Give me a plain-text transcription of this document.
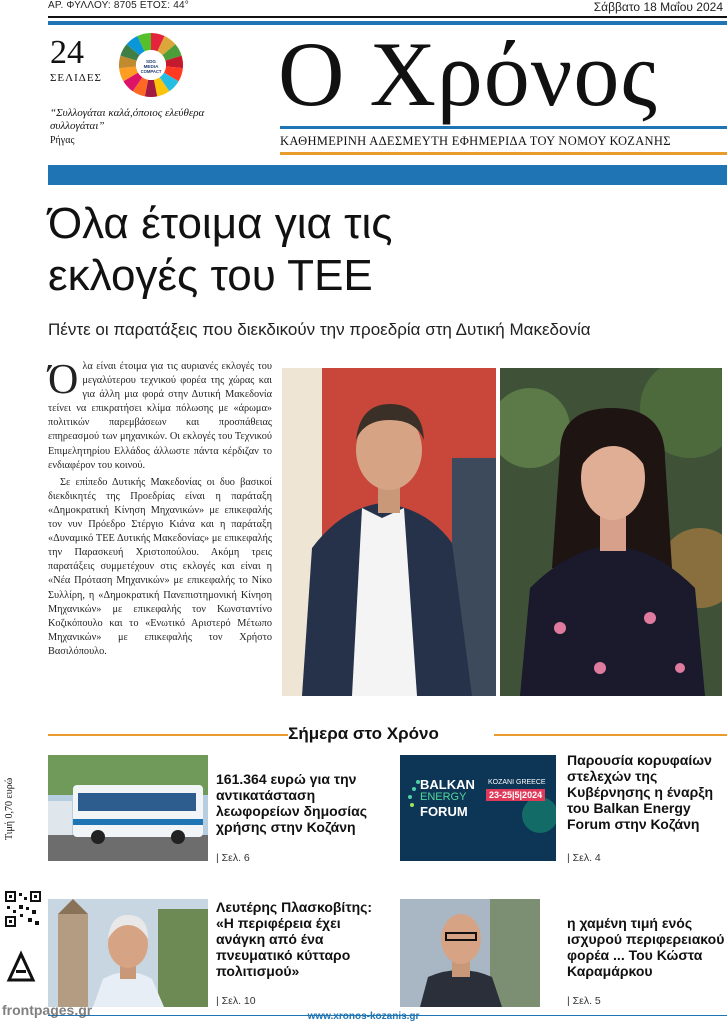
ΑΡ. ΦΥΛΛΟΥ: 8705 ΕΤΟΣ: 44°	Σάββατο 18 Μαΐου 2024
24
ΣΕΛΙΔΕΣ
SDG
MEDIA
COMPACT
“Συλλογάται καλά,όποιος ελεύθερα συλλογάται”
Ρήγας
Ο Χρόνος
ΚΑΘΗΜΕΡΙΝΗ ΑΔΕΣΜΕΥΤΗ ΕΦΗΜΕΡΙΔΑ ΤΟΥ ΝΟΜΟΥ ΚΟΖΑΝΗΣ
Όλα έτοιμα για τις
εκλογές του ΤΕΕ
Πέντε οι παρατάξεις που διεκδικούν την προεδρία στη Δυτική Μακεδονία

Όλα είναι έτοιμα για τις αυριανές εκλογές του μεγαλύτερου τεχνικού φορέα της χώρας και για άλλη μια φορά στην Δυτική Μακεδονία τείνει να επικρατήσει κλίμα πόλωσης με «άρωμα» πολιτικών παρεμβάσεων και προσπάθειας επηρεασμού των μηχανικών. Οι εκλογές του Τεχνικού Επιμελητηρίου Ελλάδος άλλωστε πάντα κέρδιζαν το ενδιαφέρον του κοινού.

Σε επίπεδο Δυτικής Μακεδονίας οι δυο βασικοί διεκδικητές της Προεδρίας είναι η παράταξη «Δημοκρατική Κίνηση Μηχανικών» με επικεφαλής τον νυν Πρόεδρο Στέργιο Κιάνα και η παράταξη «Δυναμικό ΤΕΕ Δυτικής Μακεδονίας» με επικεφαλής την Παρασκευή Χριστοπούλου. Ακόμη τρεις παρατάξεις συμμετέχουν στις εκλογές και είναι η «Νέα Πρόταση Μηχανικών» με επικεφαλής το Νίκο Συλλίρη, η «Δημοκρατική Πανεπιστημονική Κίνηση Μηχανικών» με επικεφαλής τον Κωνσταντίνο Κοζικόπουλο και το «Ενωτικό Αριστερό Μέτωπο Μηχανικών» με επικεφαλής τον Χρήστο Βασιλόπουλο.

Σήμερα στο Χρόνο
161.364 ευρώ για την αντικατάσταση λεωφορείων δημοσίας χρήσης στην Κοζάνη
| Σελ. 6
BALKAN
ENERGY
FORUM
KOZANI GREECE
23-25|5|2024
Παρουσία κορυφαίων στελεχών της Κυβέρνησης η έναρξη του Balkan Energy Forum στην Κοζάνη
| Σελ. 4
Λευτέρης Πλασκοβίτης: «Η περιφέρεια έχει ανάγκη από ένα πνευματικό κύτταρο πολιτισμού»
| Σελ. 10
η χαμένη τιμή ενός ισχυρού περιφερειακού φορέα ... Του Κώστα Καραμάρκου
| Σελ. 5
Τιμή 0,70 ευρώ
www.xronos-kozanis.gr
frontpages.gr
